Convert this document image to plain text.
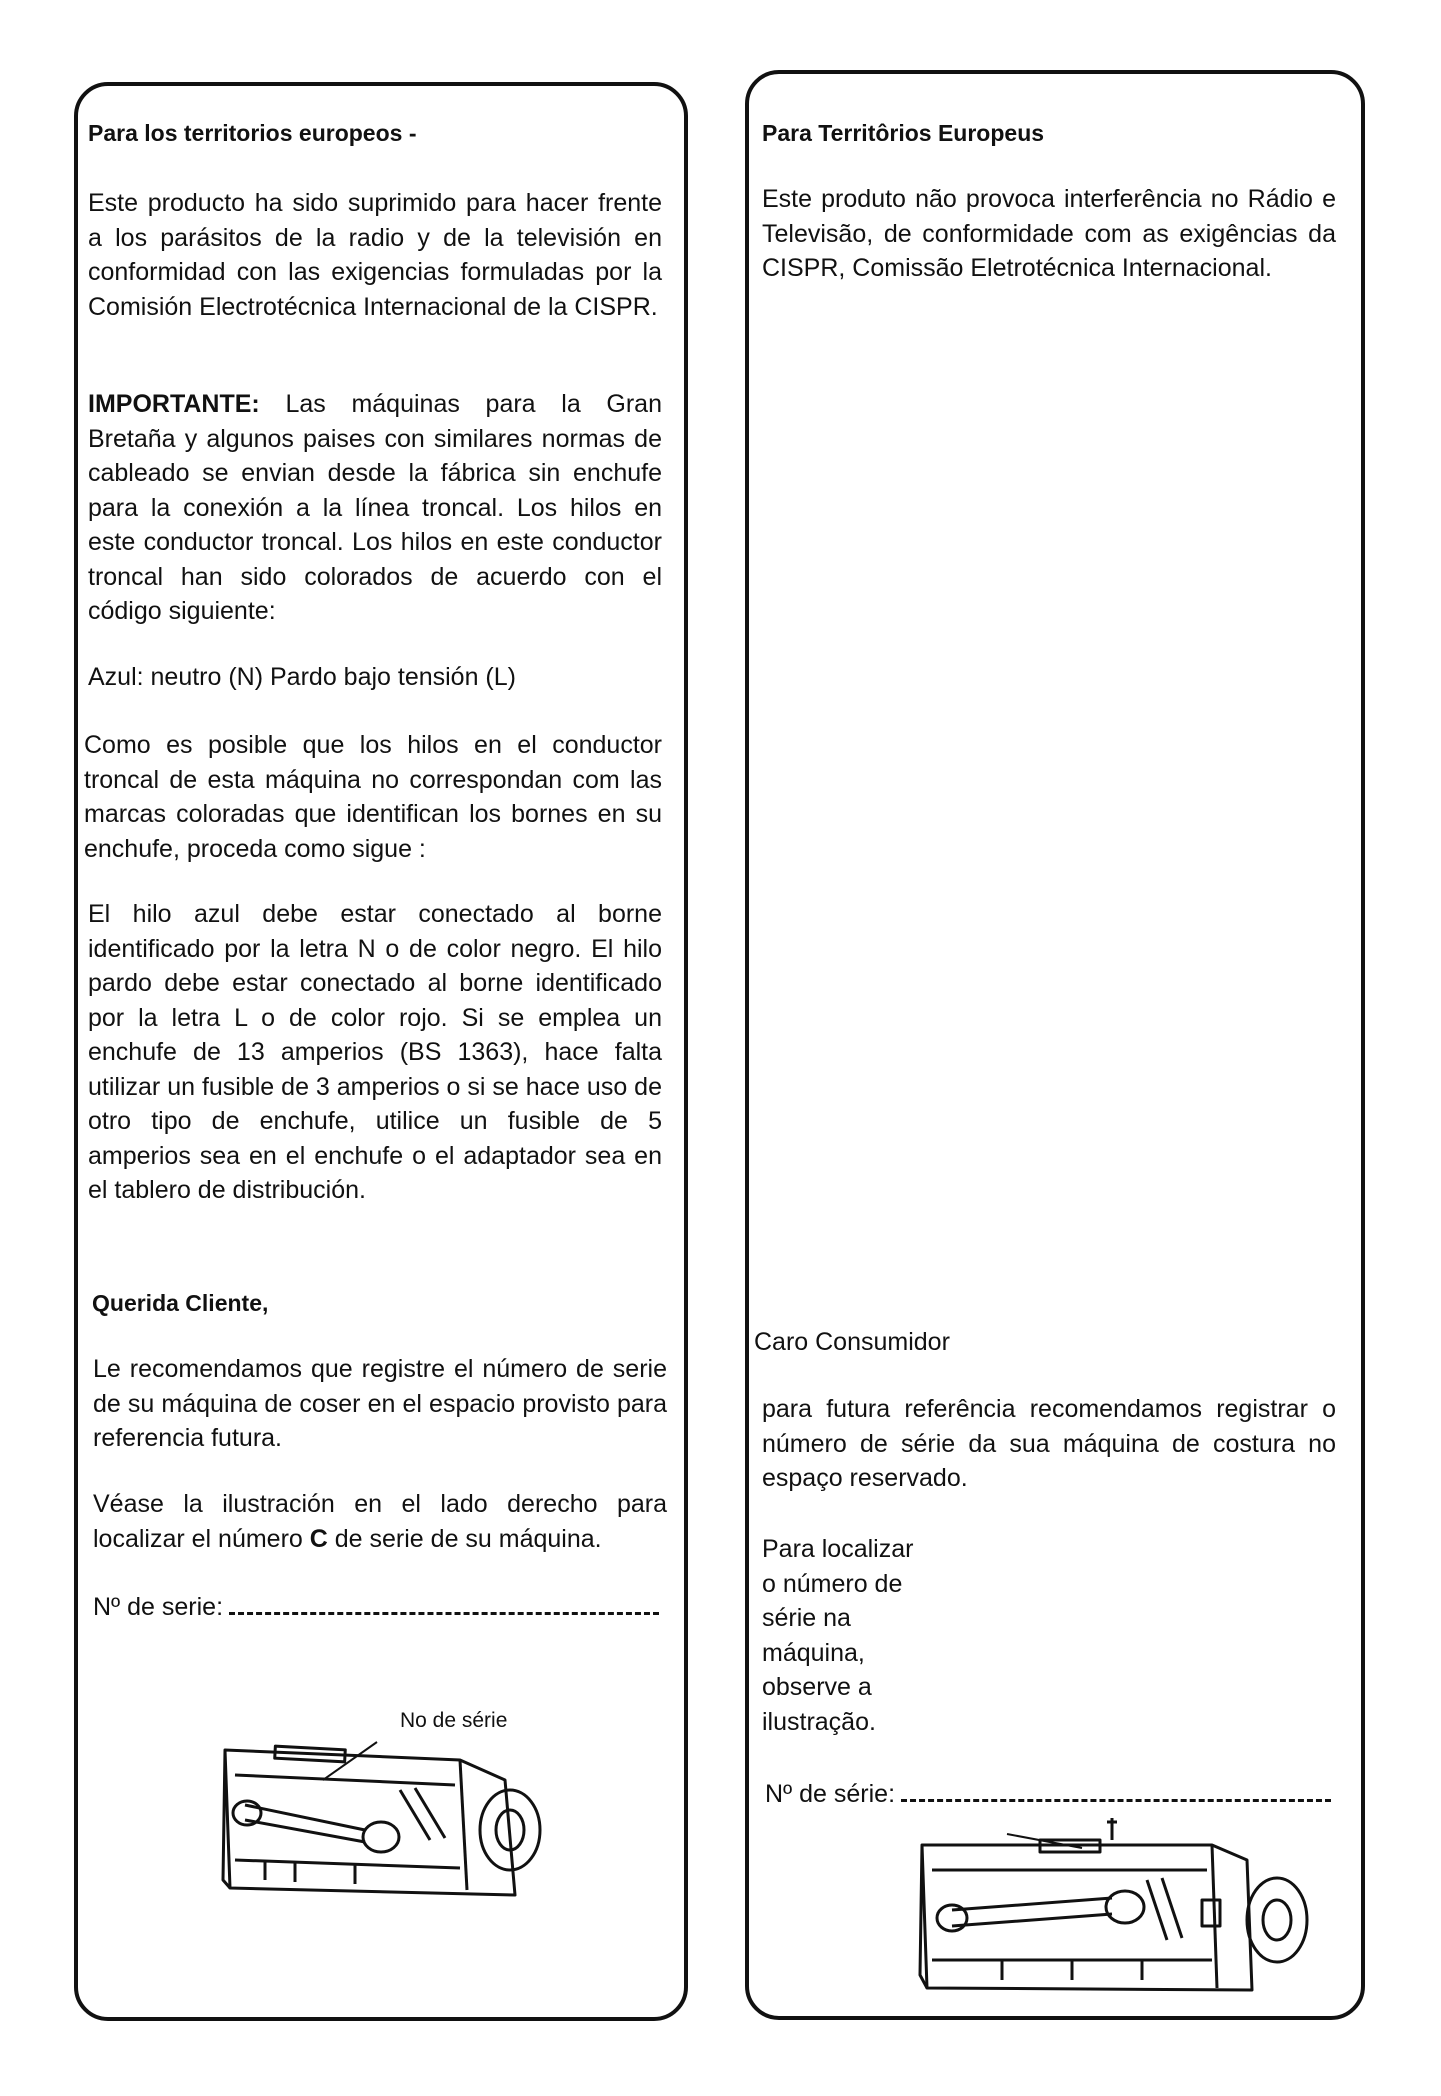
Para los territorios europeos -

Este producto ha sido suprimido para hacer frente a los parásitos de la radio y de la televisión en conformidad con las exigencias formuladas por la Comisión Electrotécnica Internacional de la CISPR.

IMPORTANTE: Las máquinas para la Gran Bretaña y algunos paises con similares normas de cableado se envian desde la fábrica sin enchufe para la conexión a la línea troncal. Los hilos en este conductor troncal. Los hilos en este conductor troncal han sido colorados de acuerdo con el código siguiente:

Azul: neutro (N) Pardo bajo tensión (L)

Como es posible que los hilos en el conductor troncal de esta máquina no correspondan com las marcas coloradas que identifican los bornes en su enchufe, proceda como sigue :

El hilo azul debe estar conectado al borne identificado por la letra N o de color negro. El hilo pardo debe estar conectado al borne identificado por la letra L o de color rojo. Si se emplea un enchufe de 13 amperios (BS 1363), hace falta utilizar un fusible de 3 amperios o si se hace uso de otro tipo de enchufe, utilice un fusible de 5 amperios sea en el enchufe o el adaptador sea en el tablero de distribución.

Querida Cliente,

Le recomendamos que registre el número de serie de su máquina de coser en el espacio provisto para referencia futura.

Véase la ilustración en el lado derecho para localizar el número C de serie de su máquina.

Nº de serie:

No de série

Para Territôrios Europeus

Este produto não provoca interferência no Rádio e Televisão, de conformidade com as exigências da CISPR, Comissão Eletrotécnica Internacional.

Caro Consumidor

para futura referência recomendamos registrar o número de série da sua máquina de costura no espaço reservado.

Para localizar

o número de

série na

máquina,

observe a

ilustração.

Nº de série:
